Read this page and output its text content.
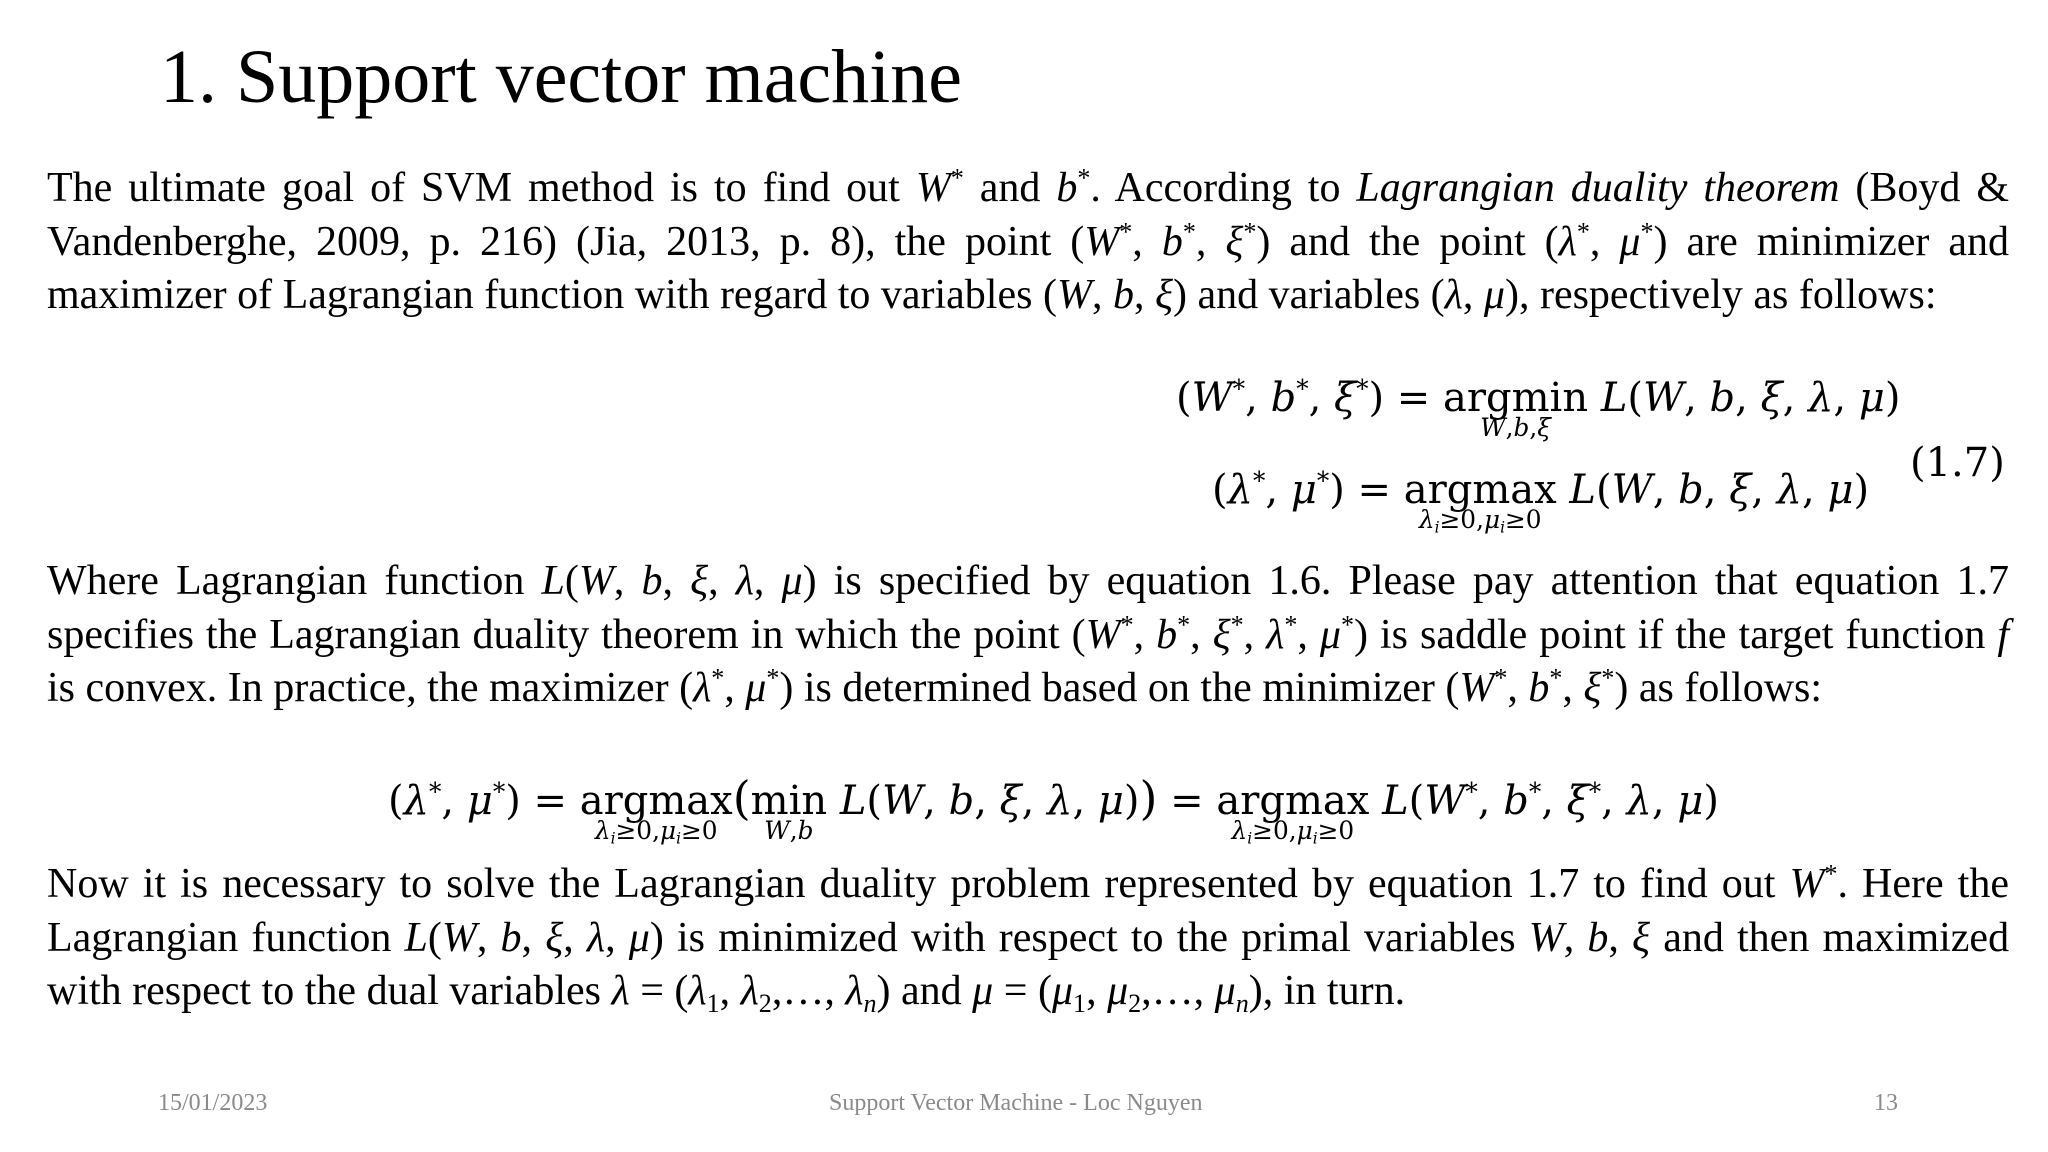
1. Support vector machine
The ultimate goal of SVM method is to find out W* and b*. According to Lagrangian duality theorem (Boyd & Vandenberghe, 2009, p. 216) (Jia, 2013, p. 8), the point (W*, b*, ξ*) and the point (λ*, μ*) are minimizer and maximizer of Lagrangian function with regard to variables (W, b, ξ) and variables (λ, μ), respectively as follows:
(W*, b*, ξ*) = argmin
W,b,ξ
L(W, b, ξ, λ, μ)
(λ*, μ*) = argmax
$\lambda_i\ge 0,\mu_i\ge 0$
L(W, b, ξ, λ, μ)
(1.7)
Where Lagrangian function L(W, b, ξ, λ, μ) is specified by equation 1.6. Please pay attention that equation 1.7 specifies the Lagrangian duality theorem in which the point (W*, b*, ξ*, λ*, μ*) is saddle point if the target function f is convex. In practice, the maximizer (λ*, μ*) is determined based on the minimizer (W*, b*, ξ*) as follows:
(λ*, μ*) = argmax
$\lambda_i\ge 0,\mu_i\ge 0$
(min
W,b
L(W, b, ξ, λ, μ)) = argmax
$\lambda_i\ge 0,\mu_i\ge 0$
L(W*, b*, ξ*, λ, μ)
Now it is necessary to solve the Lagrangian duality problem represented by equation 1.7 to find out W*. Here the Lagrangian function L(W, b, ξ, λ, μ) is minimized with respect to the primal variables W, b, ξ and then maximized with respect to the dual variables $\lambda = (\lambda_1$, $\lambda_2,\dots$, $\lambda_n$) and $\mu = (\mu_1$, $\mu_2,\dots$, $\mu_n$), in turn.
15/01/2023	Support Vector Machine - Loc Nguyen	13
